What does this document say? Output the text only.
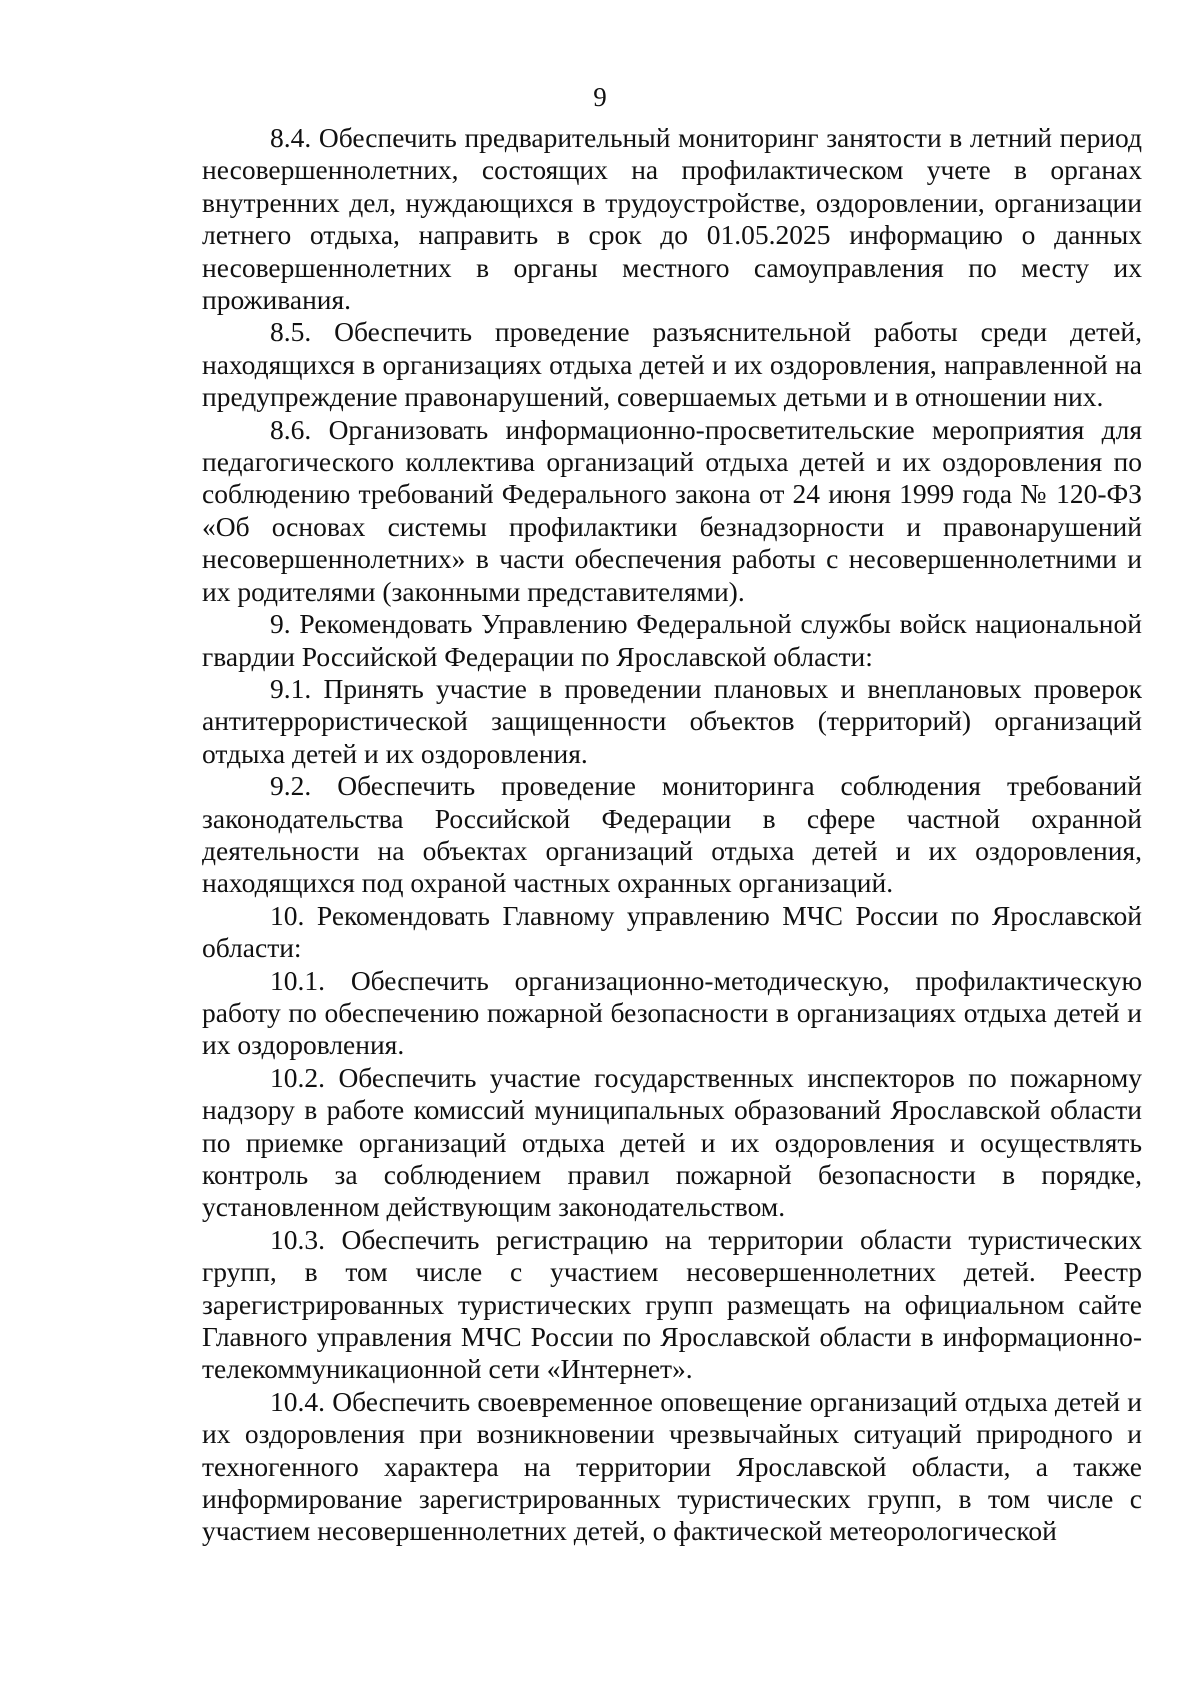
9

8.4. Обеспечить предварительный мониторинг занятости в летний период несовершеннолетних, состоящих на профилактическом учете в органах внутренних дел, нуждающихся в трудоустройстве, оздоровлении, организации летнего отдыха, направить в срок до 01.05.2025 информацию о данных несовершеннолетних в органы местного самоуправления по месту их проживания.

8.5. Обеспечить проведение разъяснительной работы среди детей, находящихся в организациях отдыха детей и их оздоровления, направленной на предупреждение правонарушений, совершаемых детьми и в отношении них.

8.6. Организовать информационно-просветительские мероприятия для педагогического коллектива организаций отдыха детей и их оздоровления по соблюдению требований Федерального закона от 24 июня 1999 года № 120-ФЗ «Об основах системы профилактики безнадзорности и правонарушений несовершеннолетних» в части обеспечения работы с несовершеннолетними и их родителями (законными представителями).

9. Рекомендовать Управлению Федеральной службы войск национальной гвардии Российской Федерации по Ярославской области:

9.1. Принять участие в проведении плановых и внеплановых проверок антитеррористической защищенности объектов (территорий) организаций отдыха детей и их оздоровления.

9.2. Обеспечить проведение мониторинга соблюдения требований законодательства Российской Федерации в сфере частной охранной деятельности на объектах организаций отдыха детей и их оздоровления, находящихся под охраной частных охранных организаций.

10. Рекомендовать Главному управлению МЧС России по Ярославской области:

10.1. Обеспечить организационно-методическую, профилактическую работу по обеспечению пожарной безопасности в организациях отдыха детей и их оздоровления.

10.2. Обеспечить участие государственных инспекторов по пожарному надзору в работе комиссий муниципальных образований Ярославской области по приемке организаций отдыха детей и их оздоровления и осуществлять контроль за соблюдением правил пожарной безопасности в порядке, установленном действующим законодательством.

10.3. Обеспечить регистрацию на территории области туристических групп, в том числе с участием несовершеннолетних детей. Реестр зарегистрированных туристических групп размещать на официальном сайте Главного управления МЧС России по Ярославской области в информационно-телекоммуникационной сети «Интернет».

10.4. Обеспечить своевременное оповещение организаций отдыха детей и их оздоровления при возникновении чрезвычайных ситуаций природного и техногенного характера на территории Ярославской области, а также информирование зарегистрированных туристических групп, в том числе с участием несовершеннолетних детей, о фактической метеорологической
